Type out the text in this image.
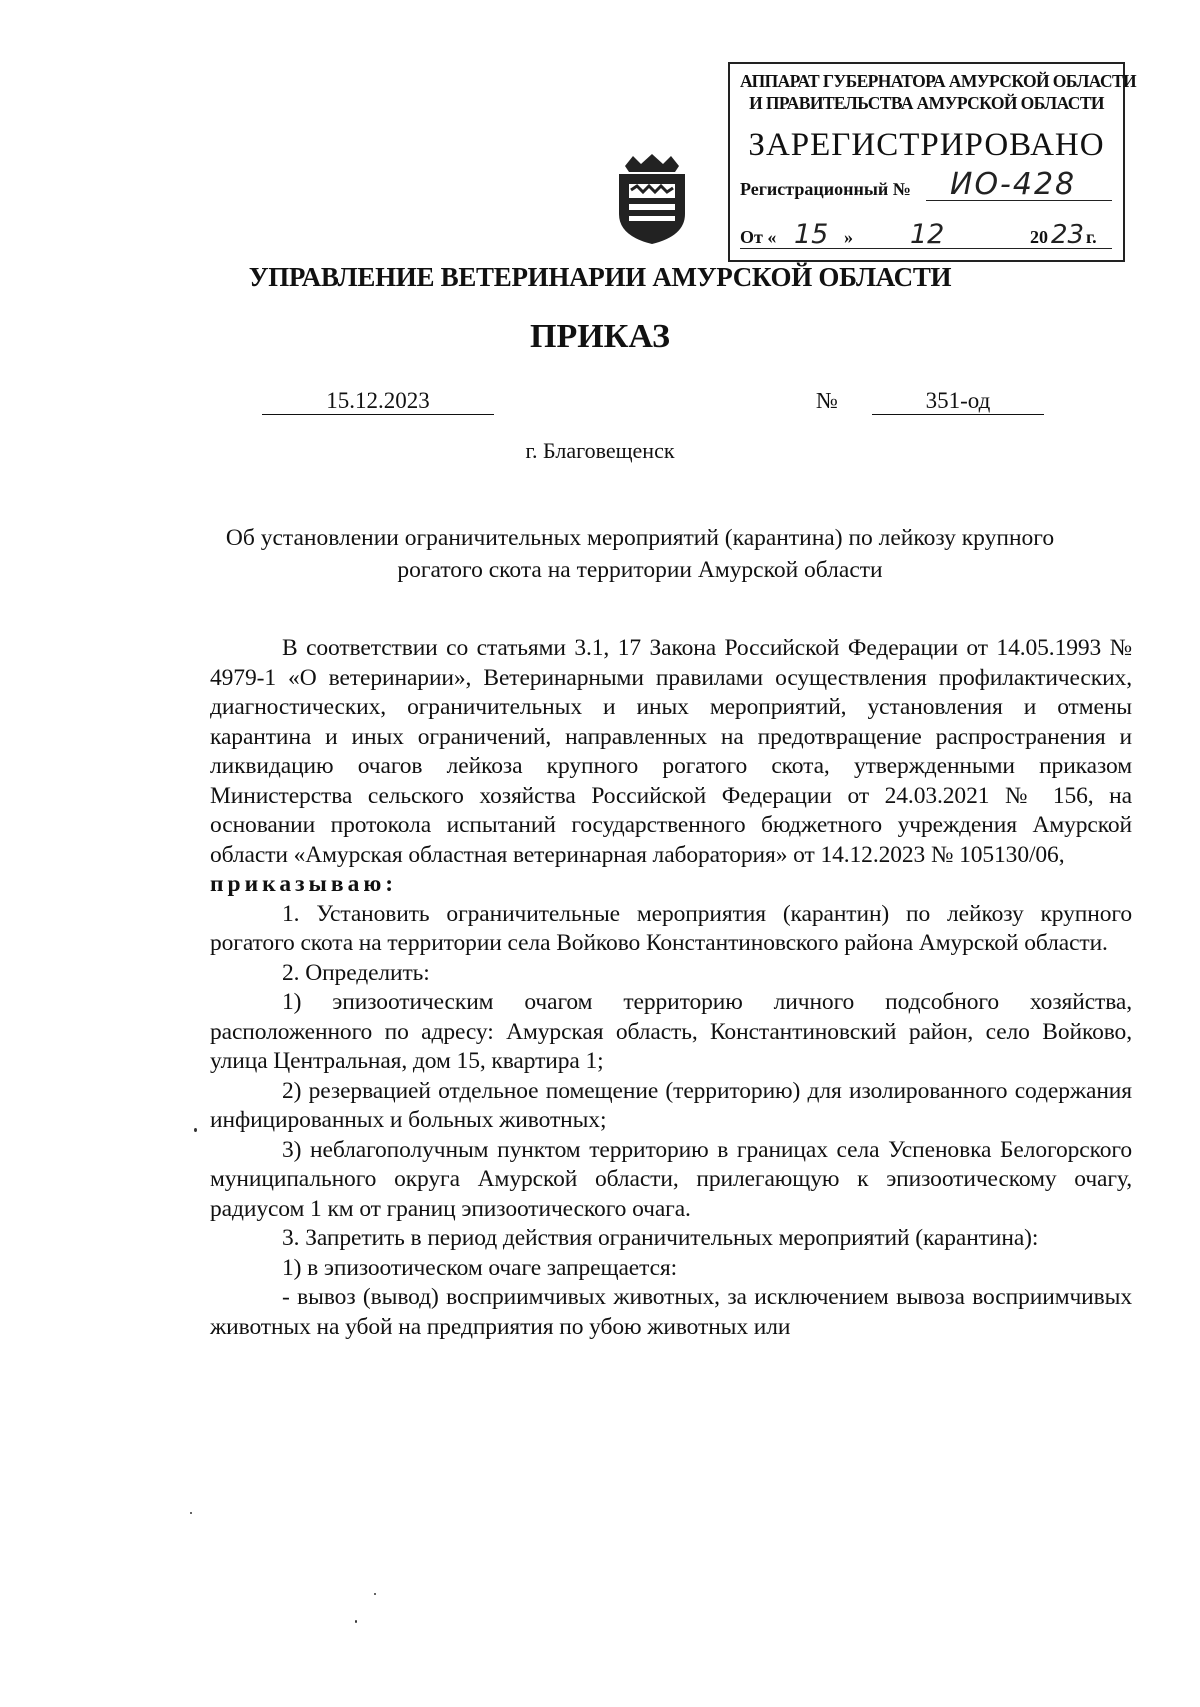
АППАРАТ ГУБЕРНАТОРА АМУРСКОЙ ОБЛАСТИ
И ПРАВИТЕЛЬСТВА АМУРСКОЙ ОБЛАСТИ
ЗАРЕГИСТРИРОВАНО
Регистрационный № ИО-428
От « 15 » 12	20 23 г.
УПРАВЛЕНИЕ ВЕТЕРИНАРИИ АМУРСКОЙ ОБЛАСТИ
ПРИКАЗ
15.12.2023	№	351-од
г. Благовещенск
Об установлении ограничительных мероприятий (карантина) по лейкозу крупного рогатого скота на территории Амурской области

В соответствии со статьями 3.1, 17 Закона Российской Федерации от 14.05.1993 № 4979-1 «О ветеринарии», Ветеринарными правилами осуществления профилактических, диагностических, ограничительных и иных мероприятий, установления и отмены карантина и иных ограничений, направленных на предотвращение распространения и ликвидацию очагов лейкоза крупного рогатого скота, утвержденными приказом Министерства сельского хозяйства Российской Федерации от 24.03.2021 № 156, на основании протокола испытаний государственного бюджетного учреждения Амурской области «Амурская областная ветеринарная лаборатория» от 14.12.2023 № 105130/06,

приказываю:

1. Установить ограничительные мероприятия (карантин) по лейкозу крупного рогатого скота на территории села Войково Константиновского района Амурской области.

2. Определить:

1) эпизоотическим очагом территорию личного подсобного хозяйства, расположенного по адресу: Амурская область, Константиновский район, село Войково, улица Центральная, дом 15, квартира 1;

2) резервацией отдельное помещение (территорию) для изолированного содержания инфицированных и больных животных;

3) неблагополучным пунктом территорию в границах села Успеновка Белогорского муниципального округа Амурской области, прилегающую к эпизоотическому очагу, радиусом 1 км от границ эпизоотического очага.

3. Запретить в период действия ограничительных мероприятий (карантина):

1) в эпизоотическом очаге запрещается:

- вывоз (вывод) восприимчивых животных, за исключением вывоза восприимчивых животных на убой на предприятия по убою животных или
